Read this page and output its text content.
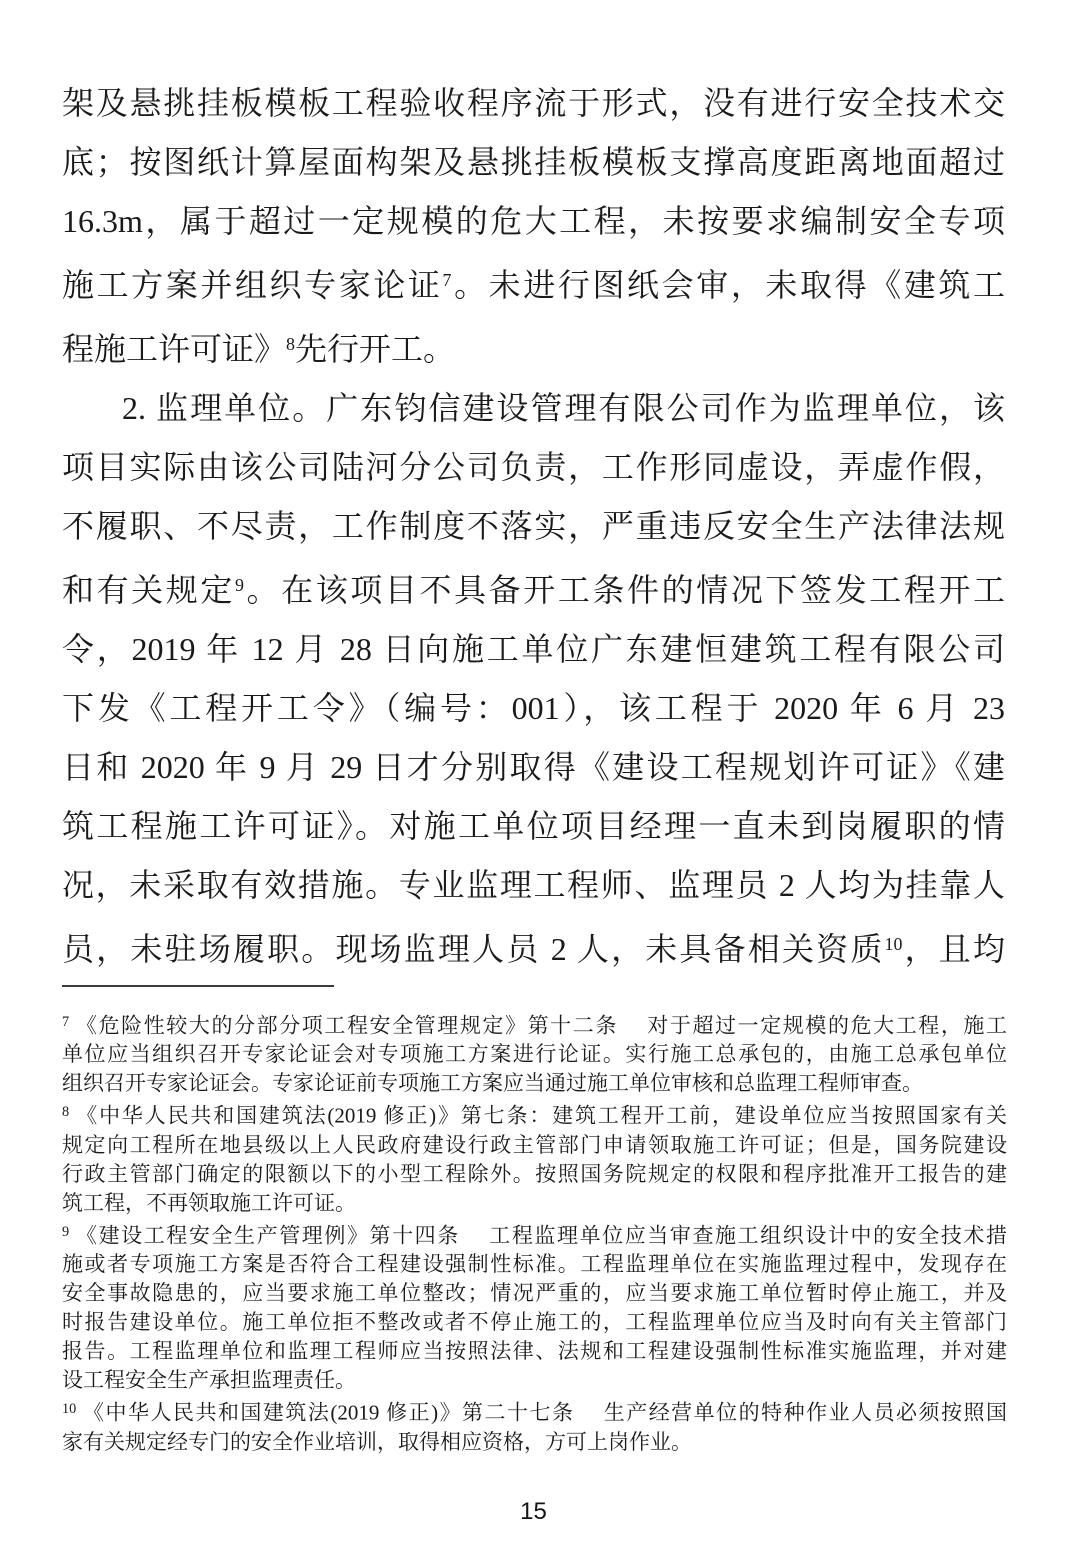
架及悬挑挂板模板工程验收程序流于形式，没有进行安全技术交
底；按图纸计算屋面构架及悬挑挂板模板支撑高度距离地面超过
16.3m，属于超过一定规模的危大工程，未按要求编制安全专项
施工方案并组织专家论证$^7$。未进行图纸会审，未取得《建筑工
程施工许可证》$^8$先行开工。
2. 监理单位。广东钧信建设管理有限公司作为监理单位，该
项目实际由该公司陆河分公司负责，工作形同虚设，弄虚作假，
不履职、不尽责，工作制度不落实，严重违反安全生产法律法规
和有关规定$^9$。在该项目不具备开工条件的情况下签发工程开工
令，2019 年 12 月 28 日向施工单位广东建恒建筑工程有限公司
下发《工程开工令》（编号：001），该工程于 2020 年 6 月 23
日和 2020 年 9 月 29 日才分别取得《建设工程规划许可证》《建
筑工程施工许可证》。对施工单位项目经理一直未到岗履职的情
况，未采取有效措施。专业监理工程师、监理员 2 人均为挂靠人
员，未驻场履职。现场监理人员 2 人，未具备相关资质$^{10}$，且均
$^7$ 《危险性较大的分部分项工程安全管理规定》第十二条　 对于超过一定规模的危大工程，施工
单位应当组织召开专家论证会对专项施工方案进行论证。实行施工总承包的，由施工总承包单位
组织召开专家论证会。专家论证前专项施工方案应当通过施工单位审核和总监理工程师审查。
$^8$ 《中华人民共和国建筑法(2019 修正)》第七条：建筑工程开工前，建设单位应当按照国家有关
规定向工程所在地县级以上人民政府建设行政主管部门申请领取施工许可证；但是，国务院建设
行政主管部门确定的限额以下的小型工程除外。按照国务院规定的权限和程序批准开工报告的建
筑工程，不再领取施工许可证。
$^9$ 《建设工程安全生产管理例》第十四条　 工程监理单位应当审查施工组织设计中的安全技术措
施或者专项施工方案是否符合工程建设强制性标准。工程监理单位在实施监理过程中，发现存在
安全事故隐患的，应当要求施工单位整改；情况严重的，应当要求施工单位暂时停止施工，并及
时报告建设单位。施工单位拒不整改或者不停止施工的，工程监理单位应当及时向有关主管部门
报告。工程监理单位和监理工程师应当按照法律、法规和工程建设强制性标准实施监理，并对建
设工程安全生产承担监理责任。
$^{10}$ 《中华人民共和国建筑法(2019 修正)》第二十七条　 生产经营单位的特种作业人员必须按照国
家有关规定经专门的安全作业培训，取得相应资格，方可上岗作业。
15
